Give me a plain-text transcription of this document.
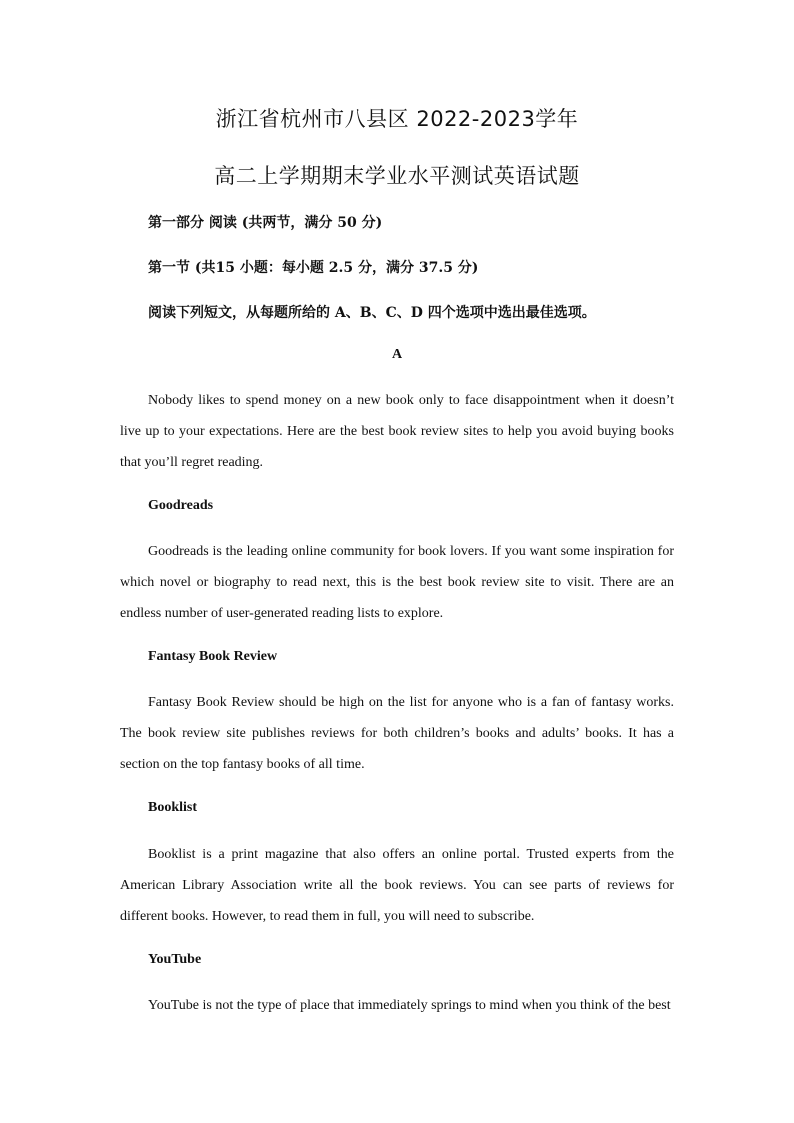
浙江省杭州市八县区 2022-2023学年
高二上学期期末学业水平测试英语试题
第一部分 阅读 (共两节，满分 50 分)
第一节 (共15 小题：每小题 2.5 分，满分 37.5 分)
阅读下列短文，从每题所给的 A、B、C、D 四个选项中选出最佳选项。
A
Nobody likes to spend money on a new book only to face disappointment when it doesn’t live up to your expectations. Here are the best book review sites to help you avoid buying books that you’ll regret reading.
Goodreads
Goodreads is the leading online community for book lovers. If you want some inspiration for which novel or biography to read next, this is the best book review site to visit. There are an endless number of user-generated reading lists to explore.
Fantasy Book Review
Fantasy Book Review should be high on the list for anyone who is a fan of fantasy works. The book review site publishes reviews for both children’s books and adults’ books. It has a section on the top fantasy books of all time.
Booklist
Booklist is a print magazine that also offers an online portal. Trusted experts from the American Library Association write all the book reviews. You can see parts of reviews for different books. However, to read them in full, you will need to subscribe.
YouTube
YouTube is not the type of place that immediately springs to mind when you think of the best
